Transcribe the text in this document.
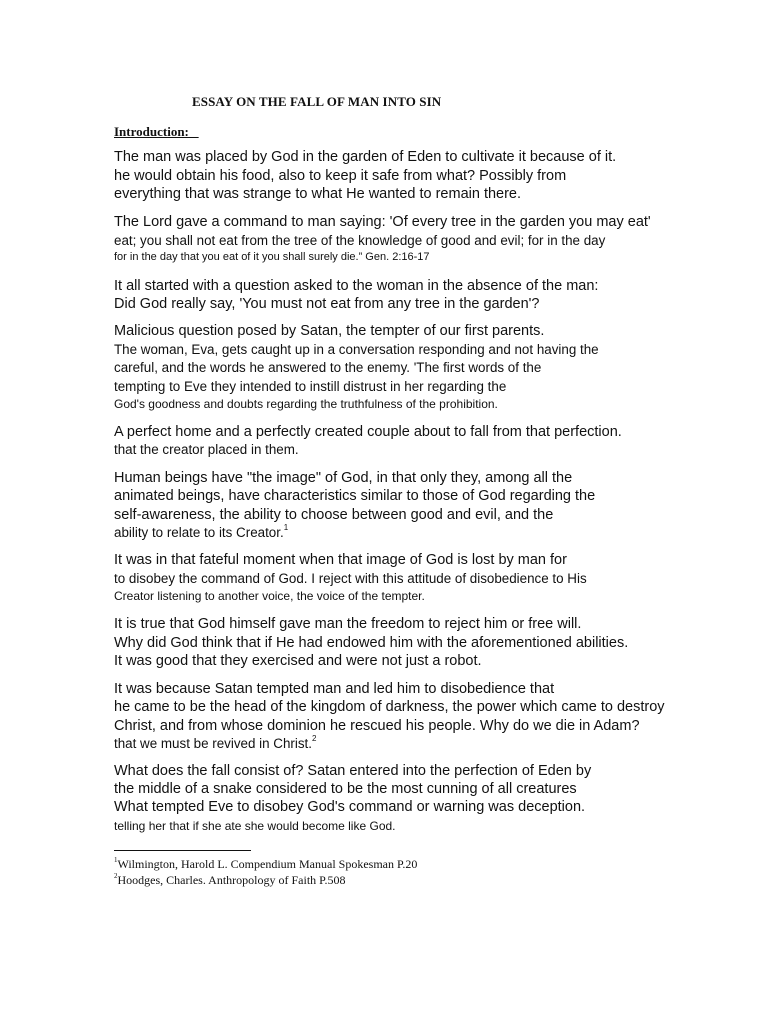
ESSAY ON THE FALL OF MAN INTO SIN
Introduction:
The man was placed by God in the garden of Eden to cultivate it because of it.
he would obtain his food, also to keep it safe from what? Possibly from
everything that was strange to what He wanted to remain there.
The Lord gave a command to man saying: 'Of every tree in the garden you may eat'
eat; you shall not eat from the tree of the knowledge of good and evil; for in the day
for in the day that you eat of it you shall surely die.” Gen. 2:16-17
It all started with a question asked to the woman in the absence of the man:
Did God really say, 'You must not eat from any tree in the garden'?
Malicious question posed by Satan, the tempter of our first parents.
The woman, Eva, gets caught up in a conversation responding and not having the
careful, and the words he answered to the enemy. 'The first words of the
tempting to Eve they intended to instill distrust in her regarding the
God's goodness and doubts regarding the truthfulness of the prohibition.
A perfect home and a perfectly created couple about to fall from that perfection.
that the creator placed in them.
Human beings have "the image" of God, in that only they, among all the
animated beings, have characteristics similar to those of God regarding the
self-awareness, the ability to choose between good and evil, and the
ability to relate to its Creator.$^1$
It was in that fateful moment when that image of God is lost by man for
to disobey the command of God. I reject with this attitude of disobedience to His
Creator listening to another voice, the voice of the tempter.
It is true that God himself gave man the freedom to reject him or free will.
Why did God think that if He had endowed him with the aforementioned abilities.
It was good that they exercised and were not just a robot.
It was because Satan tempted man and led him to disobedience that
he came to be the head of the kingdom of darkness, the power which came to destroy
Christ, and from whose dominion he rescued his people. Why do we die in Adam?
that we must be revived in Christ.$^2$
What does the fall consist of? Satan entered into the perfection of Eden by
the middle of a snake considered to be the most cunning of all creatures
What tempted Eve to disobey God's command or warning was deception.
telling her that if she ate she would become like God.
$^1$Wilmington, Harold L. Compendium Manual Spokesman P.20
$^2$Hoodges, Charles. Anthropology of Faith P.508
